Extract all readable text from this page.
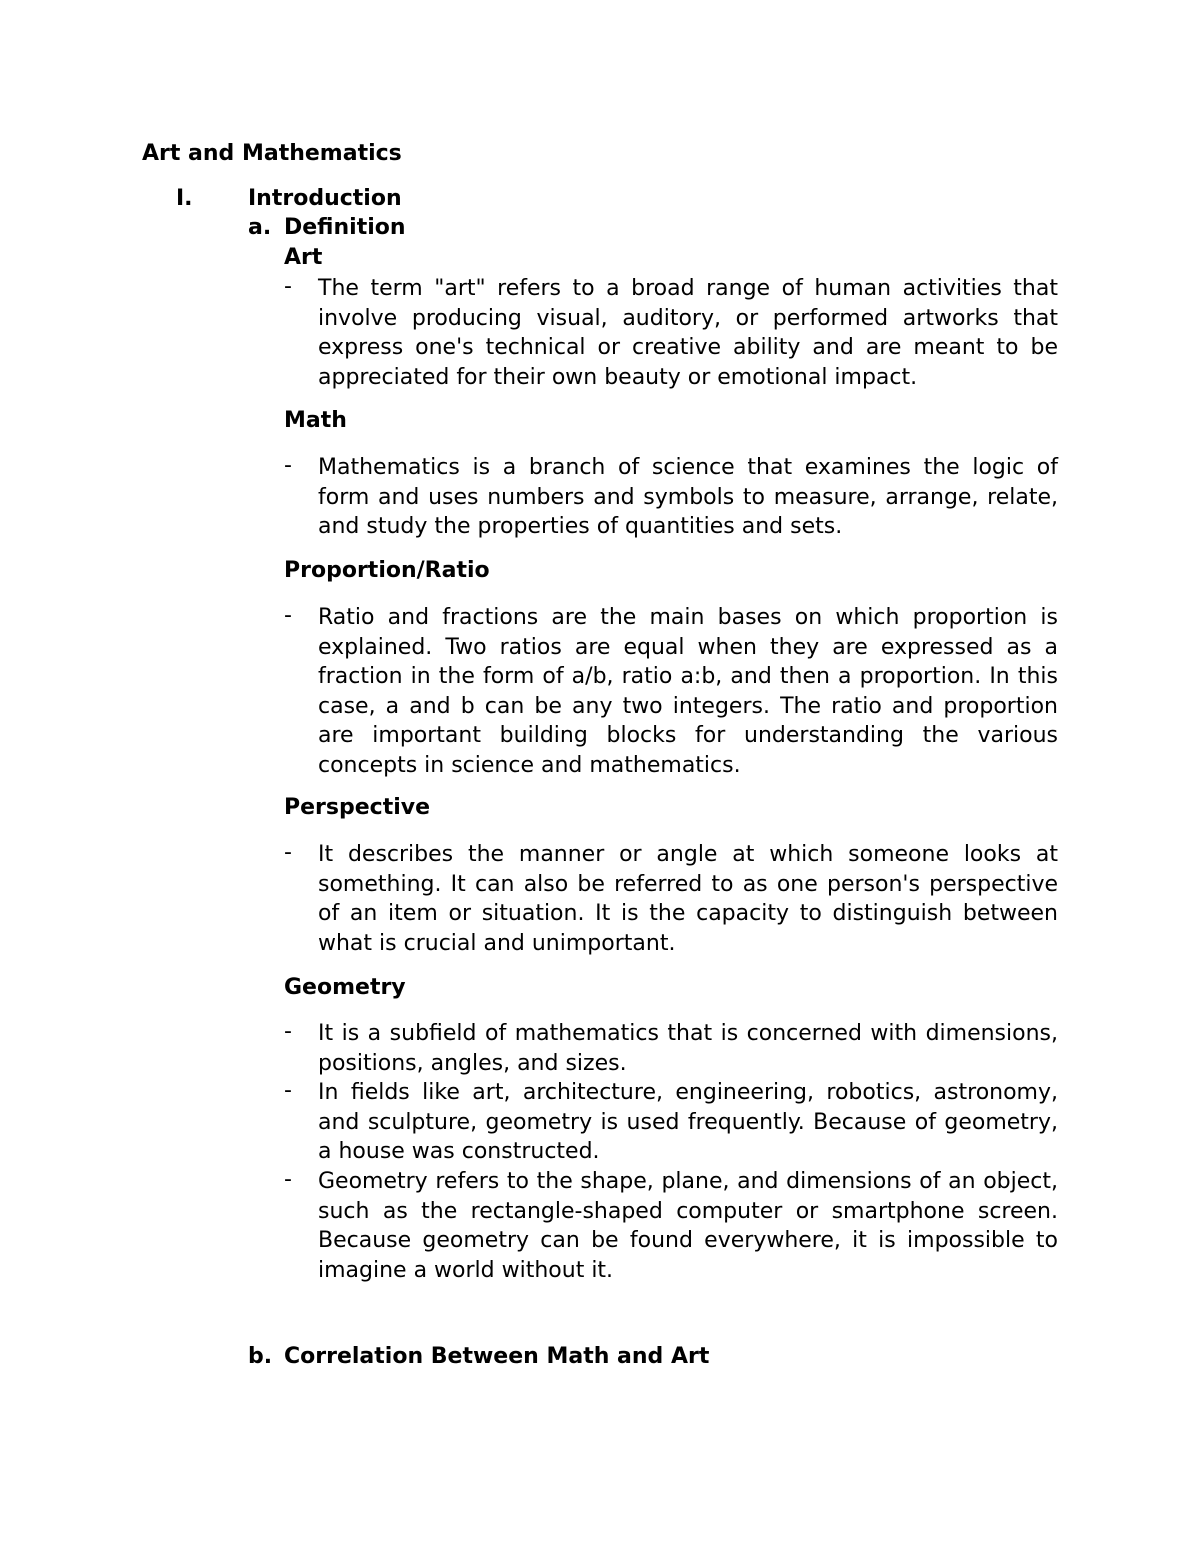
Art and Mathematics
I.	Introduction
a. Definition
Art
- The term "art" refers to a broad range of human activities that involve producing visual, auditory, or performed artworks that express one's technical or creative ability and are meant to be appreciated for their own beauty or emotional impact.
Math
- Mathematics is a branch of science that examines the logic of form and uses numbers and symbols to measure, arrange, relate, and study the properties of quantities and sets.
Proportion/Ratio
- Ratio and fractions are the main bases on which proportion is explained. Two ratios are equal when they are expressed as a fraction in the form of a/b, ratio a:b, and then a proportion. In this case, a and b can be any two integers. The ratio and proportion are important building blocks for understanding the various concepts in science and mathematics.
Perspective
- It describes the manner or angle at which someone looks at something. It can also be referred to as one person's perspective of an item or situation. It is the capacity to distinguish between what is crucial and unimportant.
Geometry
- It is a subfield of mathematics that is concerned with dimensions, positions, angles, and sizes.
- In fields like art, architecture, engineering, robotics, astronomy, and sculpture, geometry is used frequently. Because of geometry, a house was constructed.
- Geometry refers to the shape, plane, and dimensions of an object, such as the rectangle-shaped computer or smartphone screen. Because geometry can be found everywhere, it is impossible to imagine a world without it.
b. Correlation Between Math and Art
